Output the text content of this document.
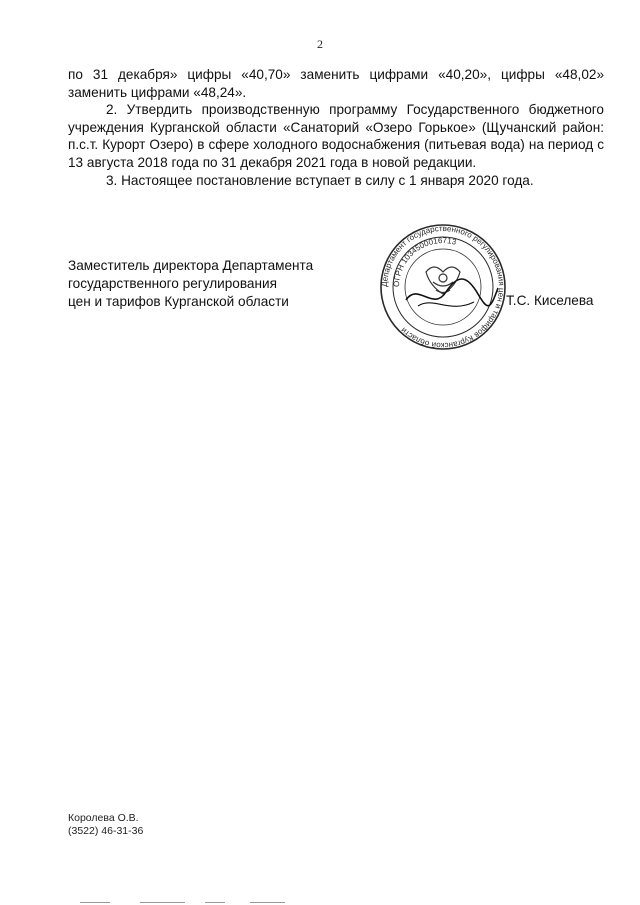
2

по 31 декабря» цифры «40,70» заменить цифрами «40,20», цифры «48,02» заменить цифрами «48,24».

2. Утвердить производственную программу Государственного бюджетного учреждения Курганской области «Санаторий «Озеро Горькое» (Щучанский район: п.с.т. Курорт Озеро) в сфере холодного водоснабжения (питьевая вода) на период с 13 августа 2018 года по 31 декабря 2021 года в новой редакции.

3. Настоящее постановление вступает в силу с 1 января 2020 года.

Заместитель директора Департамента
государственного регулирования
цен и тарифов Курганской области
Департамент государственного регулирования цен и тарифов Курганской области
ОГРН 1034500016713
Т.С. Киселева
Королева О.В.
(3522) 46-31-36
